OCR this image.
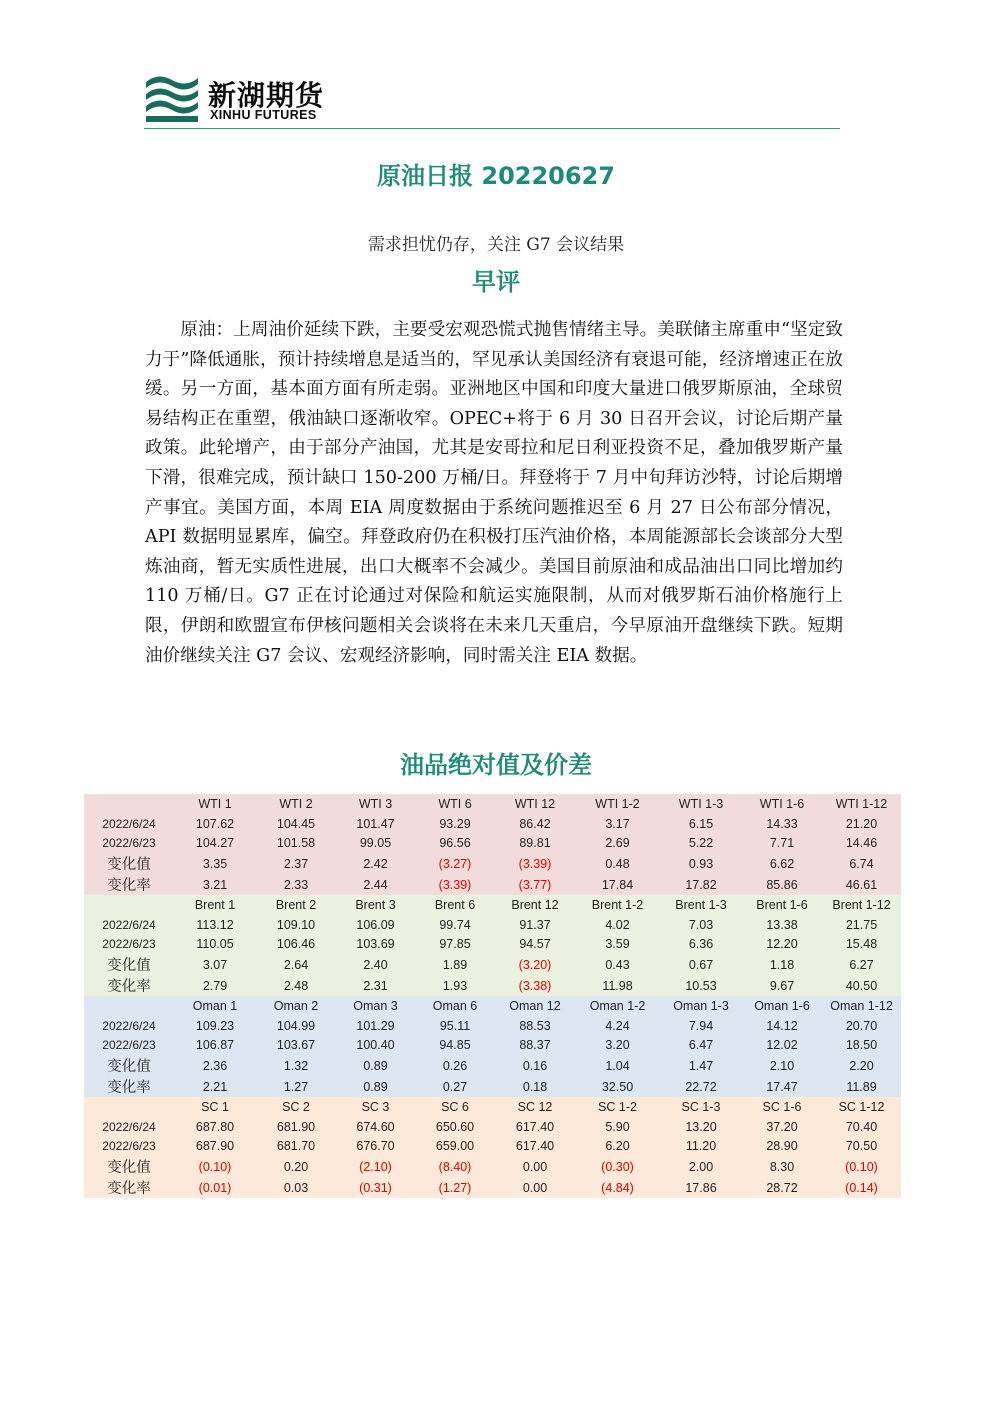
新湖期货
XINHU FUTURES
原油日报 20220627
需求担忧仍存，关注 G7 会议结果
早评

原油：上周油价延续下跌，主要受宏观恐慌式抛售情绪主导。美联储主席重申“坚定致力于”降低通胀，预计持续增息是适当的，罕见承认美国经济有衰退可能，经济增速正在放缓。另一方面，基本面方面有所走弱。亚洲地区中国和印度大量进口俄罗斯原油，全球贸易结构正在重塑，俄油缺口逐渐收窄。OPEC+将于 6 月 30 日召开会议，讨论后期产量政策。此轮增产，由于部分产油国，尤其是安哥拉和尼日利亚投资不足，叠加俄罗斯产量下滑，很难完成，预计缺口 150-200 万桶/日。拜登将于 7 月中旬拜访沙特，讨论后期增产事宜。美国方面，本周 EIA 周度数据由于系统问题推迟至 6 月 27 日公布部分情况，API 数据明显累库，偏空。拜登政府仍在积极打压汽油价格，本周能源部长会谈部分大型炼油商，暂无实质性进展，出口大概率不会减少。美国目前原油和成品油出口同比增加约 110 万桶/日。G7 正在讨论通过对保险和航运实施限制，从而对俄罗斯石油价格施行上限，伊朗和欧盟宣布伊核问题相关会谈将在未来几天重启，今早原油开盘继续下跌。短期油价继续关注 G7 会议、宏观经济影响，同时需关注 EIA 数据。

油品绝对值及价差
	WTI 1	WTI 2	WTI 3	WTI 6	WTI 12	WTI 1-2	WTI 1-3	WTI 1-6	WTI 1-12
2022/6/24	107.62	104.45	101.47	93.29	86.42	3.17	6.15	14.33	21.20
2022/6/23	104.27	101.58	99.05	96.56	89.81	2.69	5.22	7.71	14.46
变化值	3.35	2.37	2.42	(3.27)	(3.39)	0.48	0.93	6.62	6.74
变化率	3.21	2.33	2.44	(3.39)	(3.77)	17.84	17.82	85.86	46.61
	Brent 1	Brent 2	Brent 3	Brent 6	Brent 12	Brent 1-2	Brent 1-3	Brent 1-6	Brent 1-12
2022/6/24	113.12	109.10	106.09	99.74	91.37	4.02	7.03	13.38	21.75
2022/6/23	110.05	106.46	103.69	97.85	94.57	3.59	6.36	12.20	15.48
变化值	3.07	2.64	2.40	1.89	(3.20)	0.43	0.67	1.18	6.27
变化率	2.79	2.48	2.31	1.93	(3.38)	11.98	10.53	9.67	40.50
	Oman 1	Oman 2	Oman 3	Oman 6	Oman 12	Oman 1-2	Oman 1-3	Oman 1-6	Oman 1-12
2022/6/24	109.23	104.99	101.29	95.11	88.53	4.24	7.94	14.12	20.70
2022/6/23	106.87	103.67	100.40	94.85	88.37	3.20	6.47	12.02	18.50
变化值	2.36	1.32	0.89	0.26	0.16	1.04	1.47	2.10	2.20
变化率	2.21	1.27	0.89	0.27	0.18	32.50	22.72	17.47	11.89
	SC 1	SC 2	SC 3	SC 6	SC 12	SC 1-2	SC 1-3	SC 1-6	SC 1-12
2022/6/24	687.80	681.90	674.60	650.60	617.40	5.90	13.20	37.20	70.40
2022/6/23	687.90	681.70	676.70	659.00	617.40	6.20	11.20	28.90	70.50
变化值	(0.10)	0.20	(2.10)	(8.40)	0.00	(0.30)	2.00	8.30	(0.10)
变化率	(0.01)	0.03	(0.31)	(1.27)	0.00	(4.84)	17.86	28.72	(0.14)
